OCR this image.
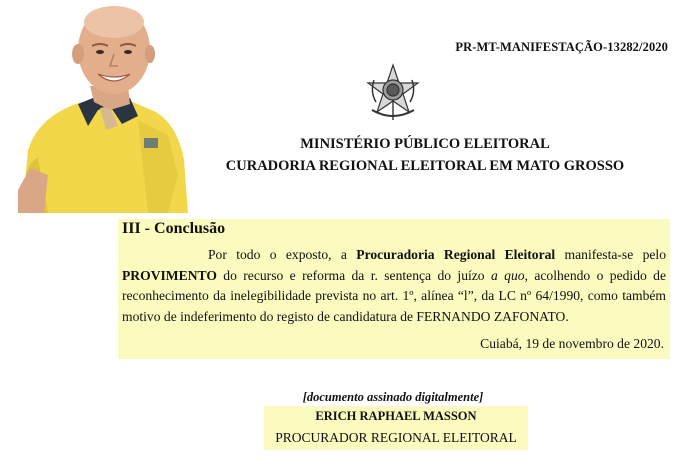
PR-MT-MANIFESTAÇÃO-13282/2020
MINISTÉRIO PÚBLICO ELEITORAL
CURADORIA REGIONAL ELEITORAL EM MATO GROSSO
III - Conclusão
Por todo o exposto, a Procuradoria Regional Eleitoral manifesta-se pelo PROVIMENTO do recurso e reforma da r. sentença do juízo a quo, acolhendo o pedido de reconhecimento da inelegibilidade prevista no art. 1º, alínea “l”, da LC nº 64/1990, como também motivo de indeferimento do registo de candidatura de FERNANDO ZAFONATO.
Cuiabá, 19 de novembro de 2020.
[documento assinado digitalmente]
ERICH RAPHAEL MASSON
PROCURADOR REGIONAL ELEITORAL
